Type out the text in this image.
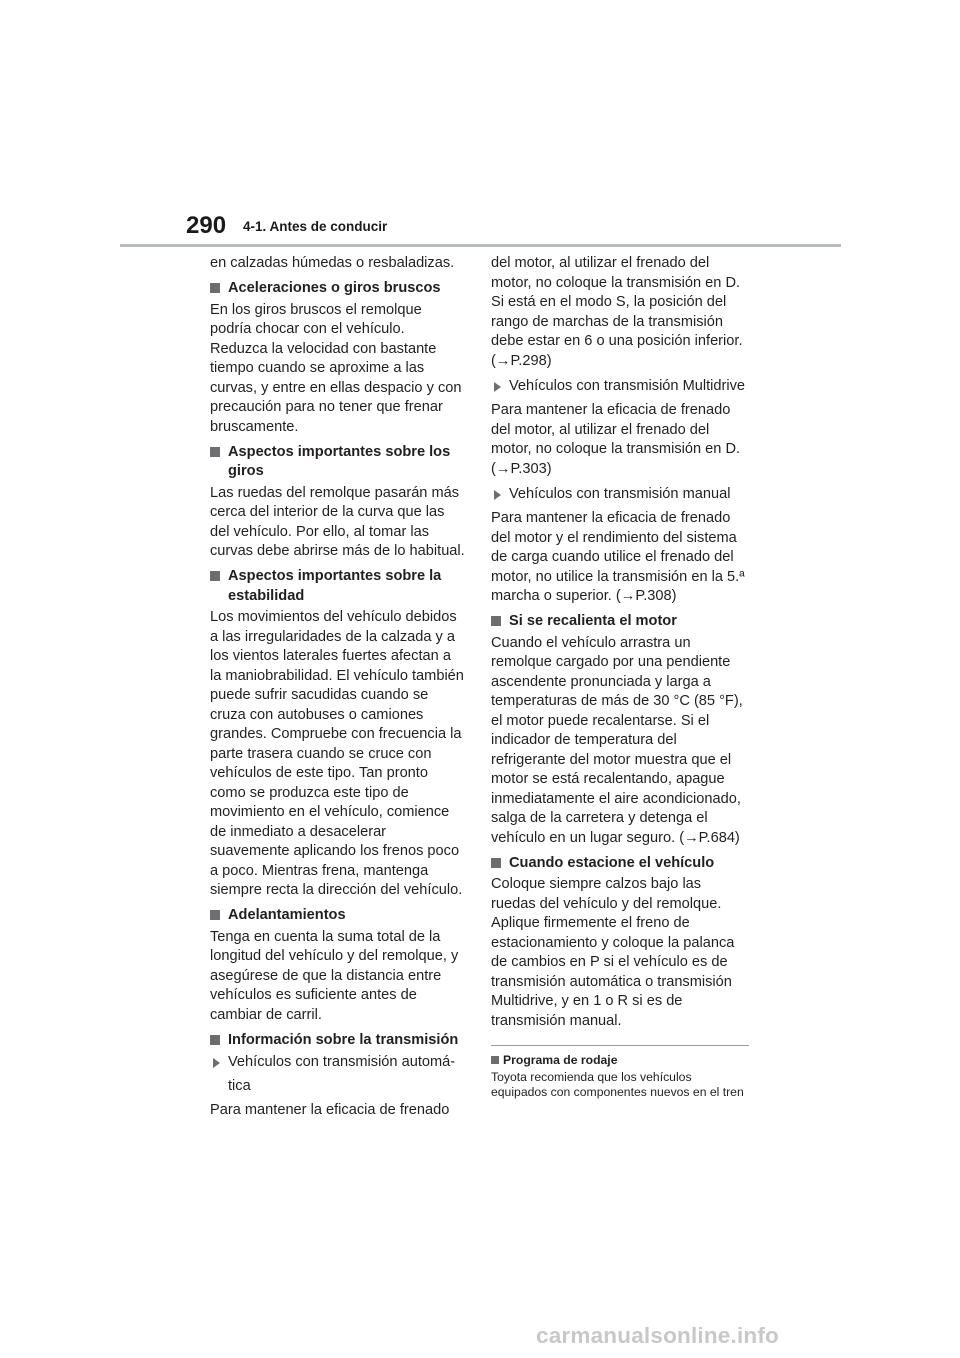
290 4-1. Antes de conducir

en calzadas húmedas o resbaladizas.

Aceleraciones o giros bruscos

En los giros bruscos el remolque podría chocar con el vehículo. Reduzca la velocidad con bastante tiempo cuando se aproxime a las curvas, y entre en ellas despacio y con precaución para no tener que frenar bruscamente.

Aspectos importantes sobre los giros

Las ruedas del remolque pasarán más cerca del interior de la curva que las del vehículo. Por ello, al tomar las curvas debe abrirse más de lo habitual.

Aspectos importantes sobre la estabilidad

Los movimientos del vehículo debidos a las irregularidades de la calzada y a los vientos laterales fuertes afectan a la maniobrabilidad. El vehículo también puede sufrir sacudidas cuando se cruza con autobuses o camiones grandes. Compruebe con frecuencia la parte trasera cuando se cruce con vehículos de este tipo. Tan pronto como se produzca este tipo de movimiento en el vehículo, comience de inmediato a desacelerar suavemente aplicando los frenos poco a poco. Mientras frena, mantenga siempre recta la dirección del vehículo.

Adelantamientos

Tenga en cuenta la suma total de la longitud del vehículo y del remolque, y asegúrese de que la distancia entre vehículos es suficiente antes de cambiar de carril.

Información sobre la transmisión
Vehículos con transmisión automá-
tica

Para mantener la eficacia de frenado

del motor, al utilizar el frenado del motor, no coloque la transmisión en D. Si está en el modo S, la posición del rango de marchas de la transmisión debe estar en 6 o una posición inferior. (→P.298)

Vehículos con transmisión Multidrive

Para mantener la eficacia de frenado del motor, al utilizar el frenado del motor, no coloque la transmisión en D. (→P.303)

Vehículos con transmisión manual

Para mantener la eficacia de frenado del motor y el rendimiento del sistema de carga cuando utilice el frenado del motor, no utilice la transmisión en la 5.ª marcha o superior. (→P.308)

Si se recalienta el motor

Cuando el vehículo arrastra un remolque cargado por una pendiente ascendente pronunciada y larga a temperaturas de más de 30 °C (85 °F), el motor puede recalentarse. Si el indicador de temperatura del refrigerante del motor muestra que el motor se está recalentando, apague inmediatamente el aire acondicionado, salga de la carretera y detenga el vehículo en un lugar seguro. (→P.684)

Cuando estacione el vehículo

Coloque siempre calzos bajo las ruedas del vehículo y del remolque. Aplique firmemente el freno de estacionamiento y coloque la palanca de cambios en P si el vehículo es de transmisión automática o transmisión Multidrive, y en 1 o R si es de transmisión manual.

Programa de rodaje
Toyota recomienda que los vehículos equipados con componentes nuevos en el tren
carmanualsonline.info
